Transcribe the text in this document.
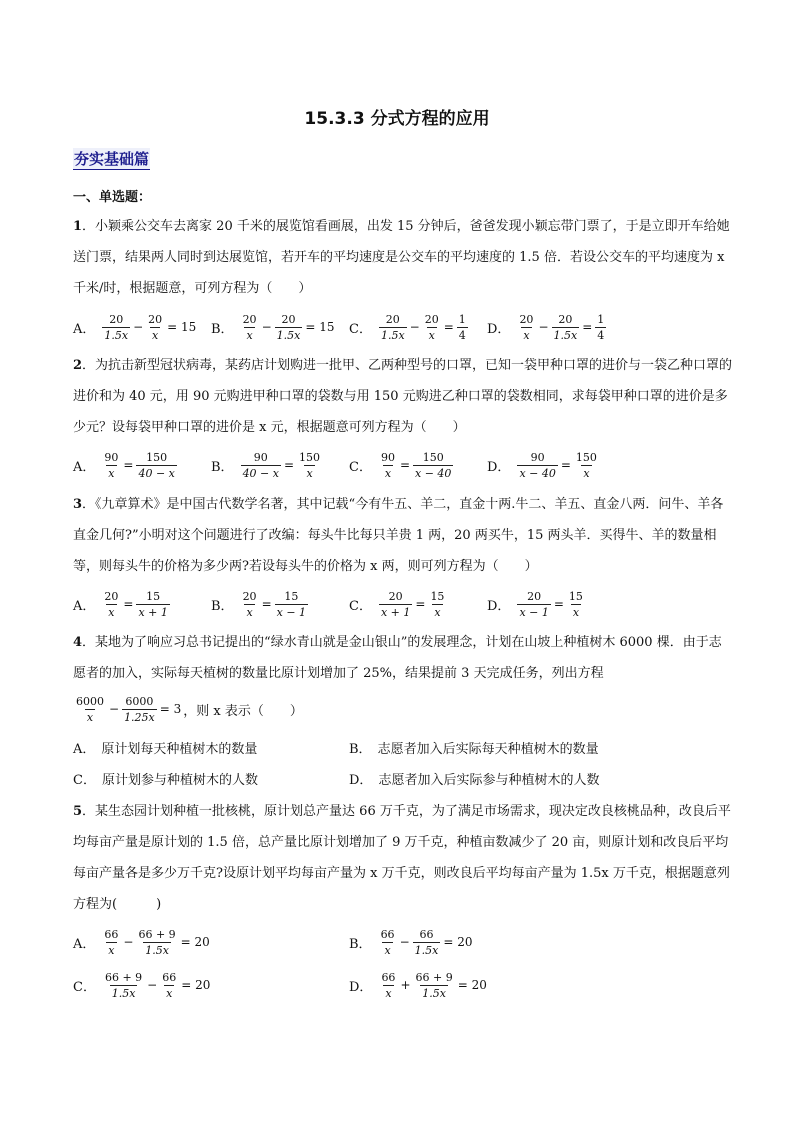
15.3.3 分式方程的应用
夯实基础篇
一、单选题：
1．小颖乘公交车去离家 20 千米的展览馆看画展，出发 15 分钟后，爸爸发现小颖忘带门票了，于是立即开车给她送门票，结果两人同时到达展览馆，若开车的平均速度是公交车的平均速度的 1.5 倍．若设公交车的平均速度为 x 千米/时，根据题意，可列方程为（　　）
A． $\frac{20}{1.5x} - \frac{20}{x} = 15$ B． $\frac{20}{x} - \frac{20}{1.5x} = 15$ C． $\frac{20}{1.5x} - \frac{20}{x} = \frac{1}{4}$ D． $\frac{20}{x} - \frac{20}{1.5x} = \frac{1}{4}$
2．为抗击新型冠状病毒，某药店计划购进一批甲、乙两种型号的口罩，已知一袋甲种口罩的进价与一袋乙种口罩的进价和为 40 元，用 90 元购进甲种口罩的袋数与用 150 元购进乙种口罩的袋数相同，求每袋甲种口罩的进价是多少元？设每袋甲种口罩的进价是 x 元，根据题意可列方程为（　　）
A． $\frac{90}{x} = \frac{150}{40 - x}$	B． $\frac{90}{40 - x} = \frac{150}{x}$ C． $\frac{90}{x} = \frac{150}{x - 40}$	D． $\frac{90}{x - 40} = \frac{150}{x}$
3．《九章算术》是中国古代数学名著，其中记载“今有牛五、羊二，直金十两.牛二、羊五、直金八两．问牛、羊各直金几何?”小明对这个问题进行了改编：每头牛比每只羊贵 1 两，20 两买牛，15 两头羊．买得牛、羊的数量相等，则每头牛的价格为多少两?若设每头牛的价格为 x 两，则可列方程为（　　）
A． $\frac{20}{x} = \frac{15}{x + 1}$	B． $\frac{20}{x} = \frac{15}{x - 1}$	C． $\frac{20}{x + 1} = \frac{15}{x}$	D． $\frac{20}{x - 1} = \frac{15}{x}$
4．某地为了响应习总书记提出的“绿水青山就是金山银山”的发展理念，计划在山坡上种植树木 6000 棵．由于志愿者的加入，实际每天植树的数量比原计划增加了 25%，结果提前 3 天完成任务，列出方程
$\frac{6000}{x} - \frac{6000}{1.25x} = 3$ ，则 x 表示（　　）
A． 原计划每天种植树木的数量	B． 志愿者加入后实际每天种植树木的数量
C． 原计划参与种植树木的人数	D． 志愿者加入后实际参与种植树木的人数
5．某生态园计划种植一批核桃，原计划总产量达 66 万千克，为了满足市场需求，现决定改良核桃品种，改良后平均每亩产量是原计划的 1.5 倍，总产量比原计划增加了 9 万千克，种植亩数减少了 20 亩，则原计划和改良后平均每亩产量各是多少万千克?设原计划平均每亩产量为 x 万千克，则改良后平均每亩产量为 1.5x 万千克，根据题意列方程为(　　　)
A． $\frac{66}{x} - \frac{66 + 9}{1.5x} = 20$	B． $\frac{66}{x} - \frac{66}{1.5x} = 20$
C． $\frac{66 + 9}{1.5x} - \frac{66}{x} = 20$	D． $\frac{66}{x} + \frac{66 + 9}{1.5x} = 20$
